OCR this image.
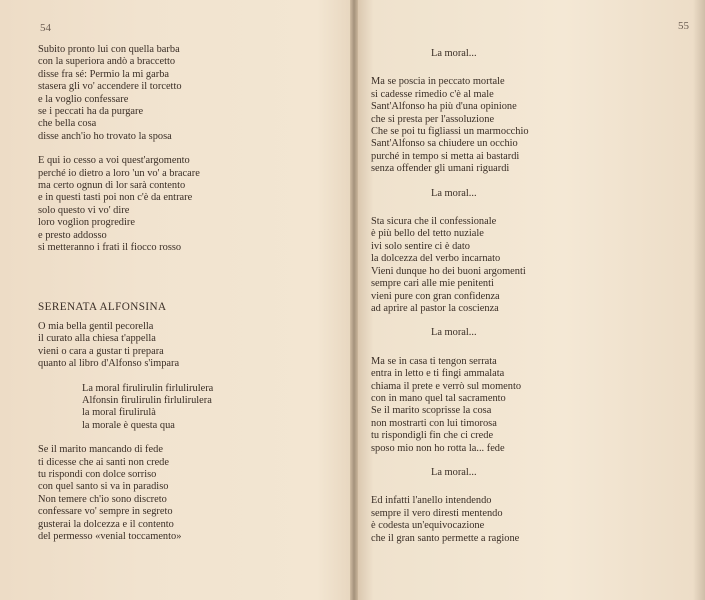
54
Subito pronto lui con quella barba
con la superiora andò a braccetto
disse fra sé: Permio la mi garba
stasera gli vo' accendere il torcetto
e la voglio confessare
se i peccati ha da purgare
che bella cosa
disse anch'io ho trovato la sposa
E qui io cesso a voi quest'argomento
perché io dietro a loro 'un vo' a bracare
ma certo ognun di lor sarà contento
e in questi tasti poi non c'è da entrare
solo questo vi vo' dire
loro voglion progredire
e presto addosso
si metteranno i frati il fiocco rosso
SERENATA ALFONSINA
O mia bella gentil pecorella
il curato alla chiesa t'appella
vieni o cara a gustar ti prepara
quanto al libro d'Alfonso s'impara
La moral firulirulin firlulirulera
Alfonsin firulirulin firlulirulera
la moral firulirulà
la morale è questa qua
Se il marito mancando di fede
ti dicesse che ai santi non crede
tu rispondi con dolce sorriso
con quel santo si va in paradiso
Non temere ch'io sono discreto
confessare vo' sempre in segreto
gusterai la dolcezza e il contento
del permesso «venial toccamento»
55
La moral...
Ma se poscia in peccato mortale
si cadesse rimedio c'è al male
Sant'Alfonso ha più d'una opinione
che si presta per l'assoluzione
Che se poi tu figliassi un marmocchio
Sant'Alfonso sa chiudere un occhio
purché in tempo si metta ai bastardi
senza offender gli umani riguardi
La moral...
Sta sicura che il confessionale
è più bello del tetto nuziale
ivi solo sentire ci è dato
la dolcezza del verbo incarnato
Vieni dunque ho dei buoni argomenti
sempre cari alle mie penitenti
vieni pure con gran confidenza
ad aprire al pastor la coscienza
La moral...
Ma se in casa ti tengon serrata
entra in letto e ti fingi ammalata
chiama il prete e verrò sul momento
con in mano quel tal sacramento
Se il marito scoprisse la cosa
non mostrarti con lui timorosa
tu rispondigli fin che ci crede
sposo mio non ho rotta la... fede
La moral...
Ed infatti l'anello intendendo
sempre il vero diresti mentendo
è codesta un'equivocazione
che il gran santo permette a ragione
